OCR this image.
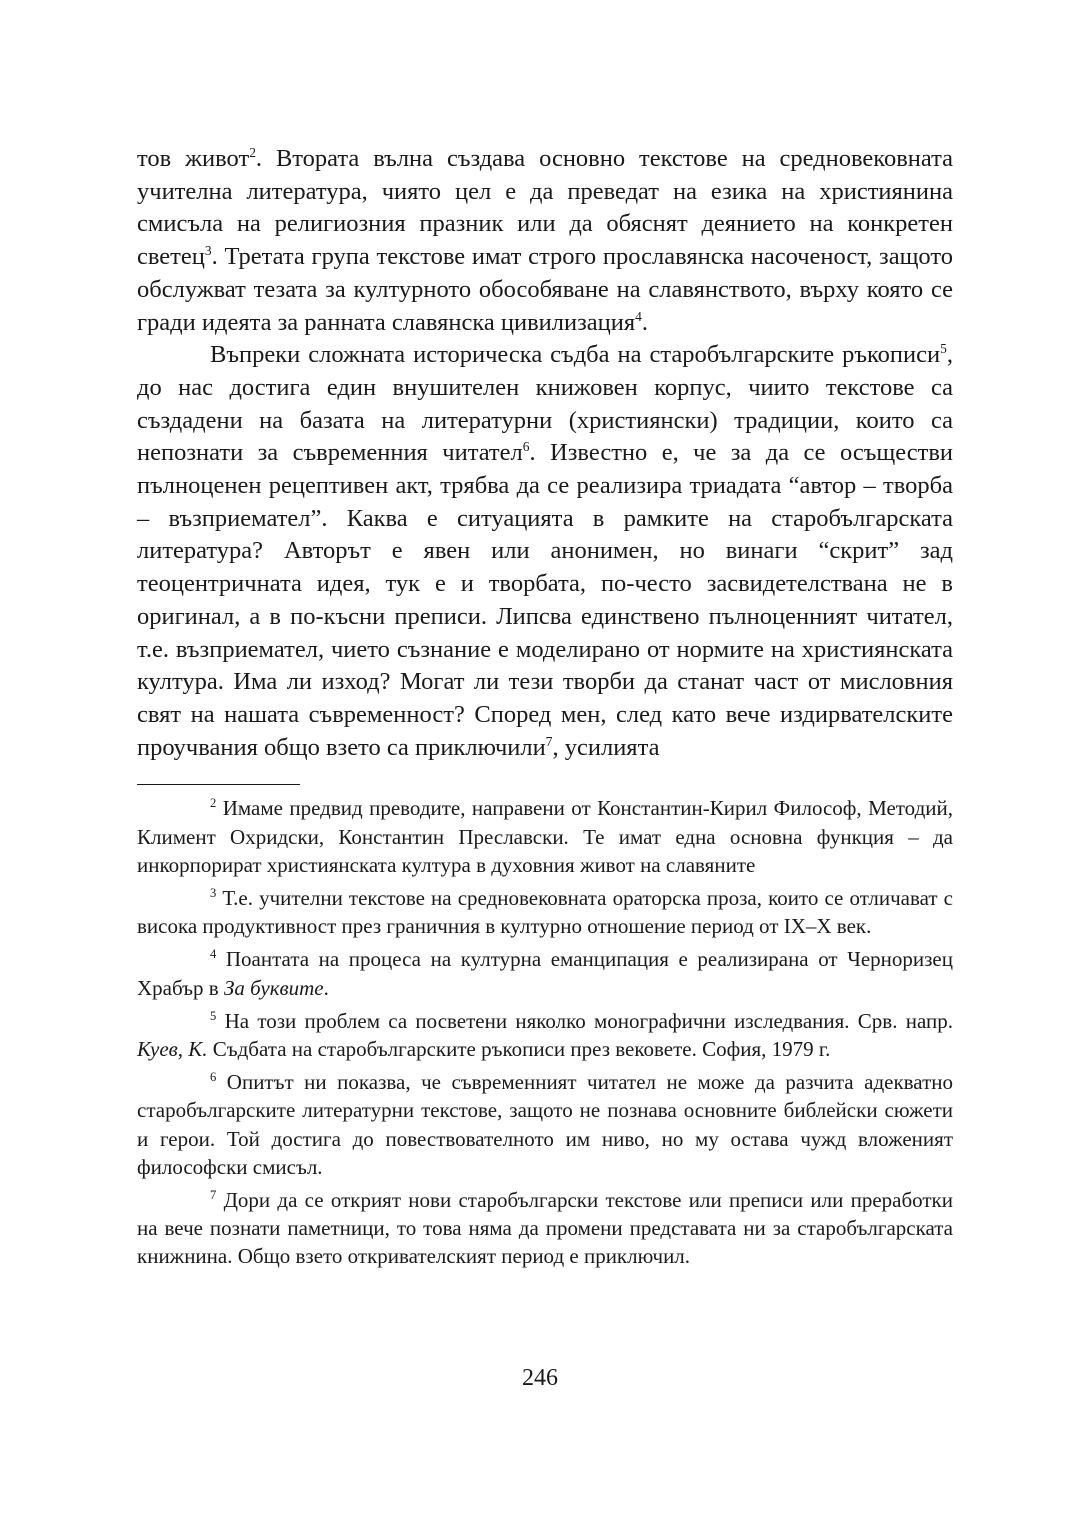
тов живот$^2$. Втората вълна създава основно текстове на средновековната учителна литература, чиято цел е да преведат на езика на християнина смисъла на религиозния празник или да обяснят деянието на конкретен светец$^3$. Третата група текстове имат строго прославянска насоченост, защото обслужват тезата за културното обособяване на славянството, върху която се гради идеята за ранната славянска цивилизация$^4$.

Въпреки сложната историческа съдба на старобългарските ръкописи$^5$, до нас достига един внушителен книжовен корпус, чиито текстове са създадени на базата на литературни (християнски) традиции, които са непознати за съвременния читател$^6$. Известно е, че за да се осъществи пълноценен рецептивен акт, трябва да се реализира триадата “автор – творба – възприемател”. Каква е ситуацията в рамките на старобългарската литература? Авторът е явен или анонимен, но винаги “скрит” зад теоцентричната идея, тук е и творбата, по-често засвидетелствана не в оригинал, а в по-късни преписи. Липсва единствено пълноценният читател, т.е. възприемател, чието съзнание е моделирано от нормите на християнската култура. Има ли изход? Могат ли тези творби да станат част от мисловния свят на нашата съвременност? Според мен, след като вече издирвателските проучвания общо взето са приключили$^7$, усилията

$^2$ Имаме предвид преводите, направени от Константин-Кирил Философ, Методий, Климент Охридски, Константин Преславски. Те имат една основна функция – да инкорпорират християнската култура в духовния живот на славяните

$^3$ Т.е. учителни текстове на средновековната ораторска проза, които се отличават с висока продуктивност през граничния в културно отношение период от ІХ–Х век.

$^4$ Поантата на процеса на културна еманципация е реализирана от Черноризец Храбър в За буквите.

$^5$ На този проблем са посветени няколко монографични изследвания. Срв. напр. Куев, К. Съдбата на старобългарските ръкописи през вековете. София, 1979 г.

$^6$ Опитът ни показва, че съвременният читател не може да разчита адекватно старобългарските литературни текстове, защото не познава основните библейски сюжети и герои. Той достига до повествователното им ниво, но му остава чужд вложеният философски смисъл.

$^7$ Дори да се открият нови старобългарски текстове или преписи или преработки на вече познати паметници, то това няма да промени представата ни за старобългарската книжнина. Общо взето откривателският период е приключил.

246
